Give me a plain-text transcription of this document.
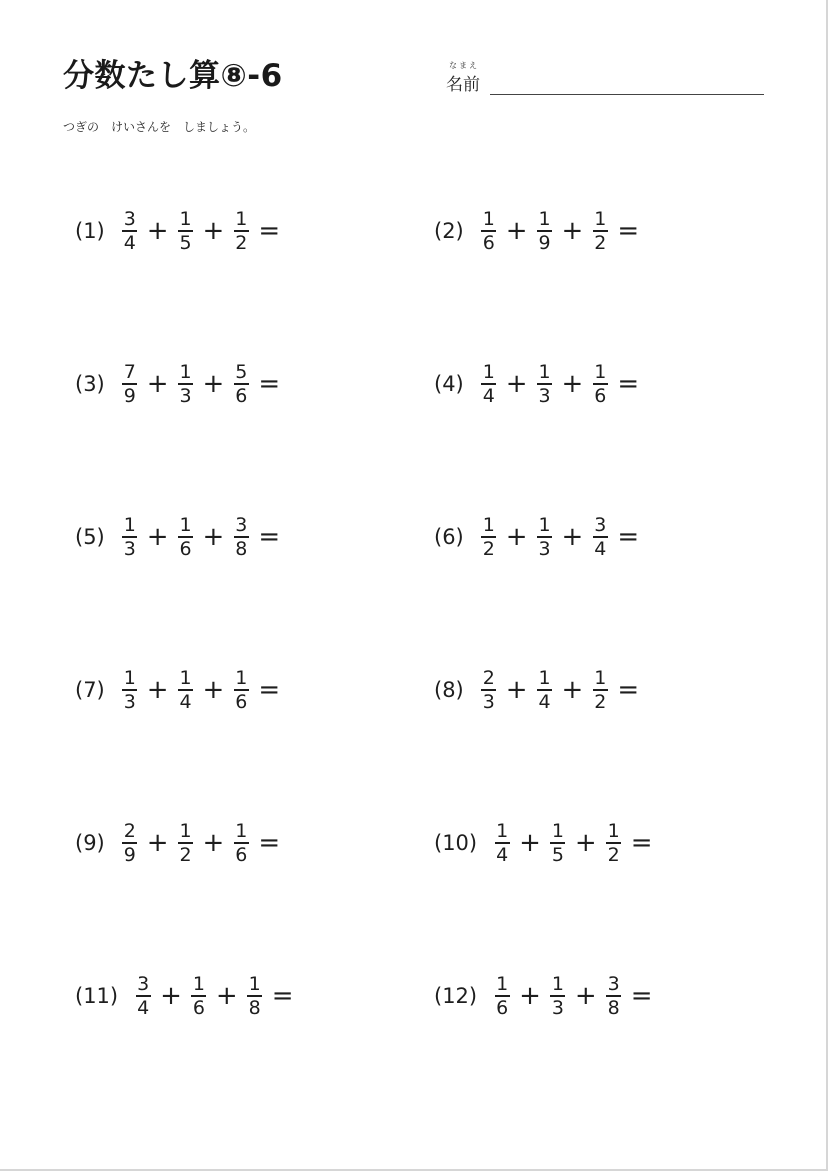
分数たし算⑧-6	なまえ
名前
つぎの　けいさんを　しましょう。
$(1) \frac{3}{4} + \frac{1}{5} + \frac{1}{2}$ =	$(2) \frac{1}{6} + \frac{1}{9} + \frac{1}{2}$ =
$(3) \frac{7}{9} + \frac{1}{3} + \frac{5}{6}$ =	$(4) \frac{1}{4} + \frac{1}{3} + \frac{1}{6}$ =
$(5) \frac{1}{3} + \frac{1}{6} + \frac{3}{8}$ =	$(6) \frac{1}{2} + \frac{1}{3} + \frac{3}{4}$ =
$(7) \frac{1}{3} + \frac{1}{4} + \frac{1}{6}$ =	$(8) \frac{2}{3} + \frac{1}{4} + \frac{1}{2}$ =
$(9) \frac{2}{9} + \frac{1}{2} + \frac{1}{6}$ =	$(10) \frac{1}{4} + \frac{1}{5} + \frac{1}{2}$ =
$(11) \frac{3}{4} + \frac{1}{6} + \frac{1}{8}$ =	$(12) \frac{1}{6} + \frac{1}{3} + \frac{3}{8}$ =
